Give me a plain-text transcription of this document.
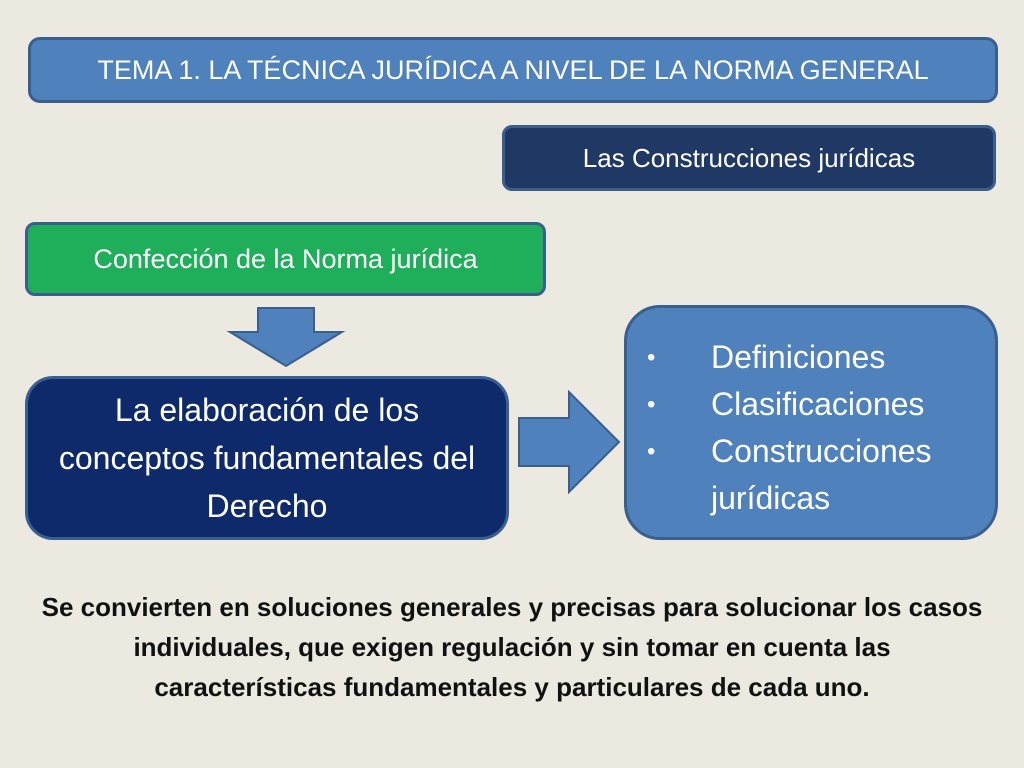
TEMA 1. LA TÉCNICA JURÍDICA A NIVEL DE LA NORMA GENERAL
Las Construcciones jurídicas
Confección de la Norma jurídica
La elaboración de los conceptos fundamentales del Derecho
• Definiciones
• Clasificaciones
• Construcciones jurídicas
Se convierten en soluciones generales y precisas para solucionar los casos individuales, que exigen regulación y sin tomar en cuenta las características fundamentales y particulares de cada uno.
